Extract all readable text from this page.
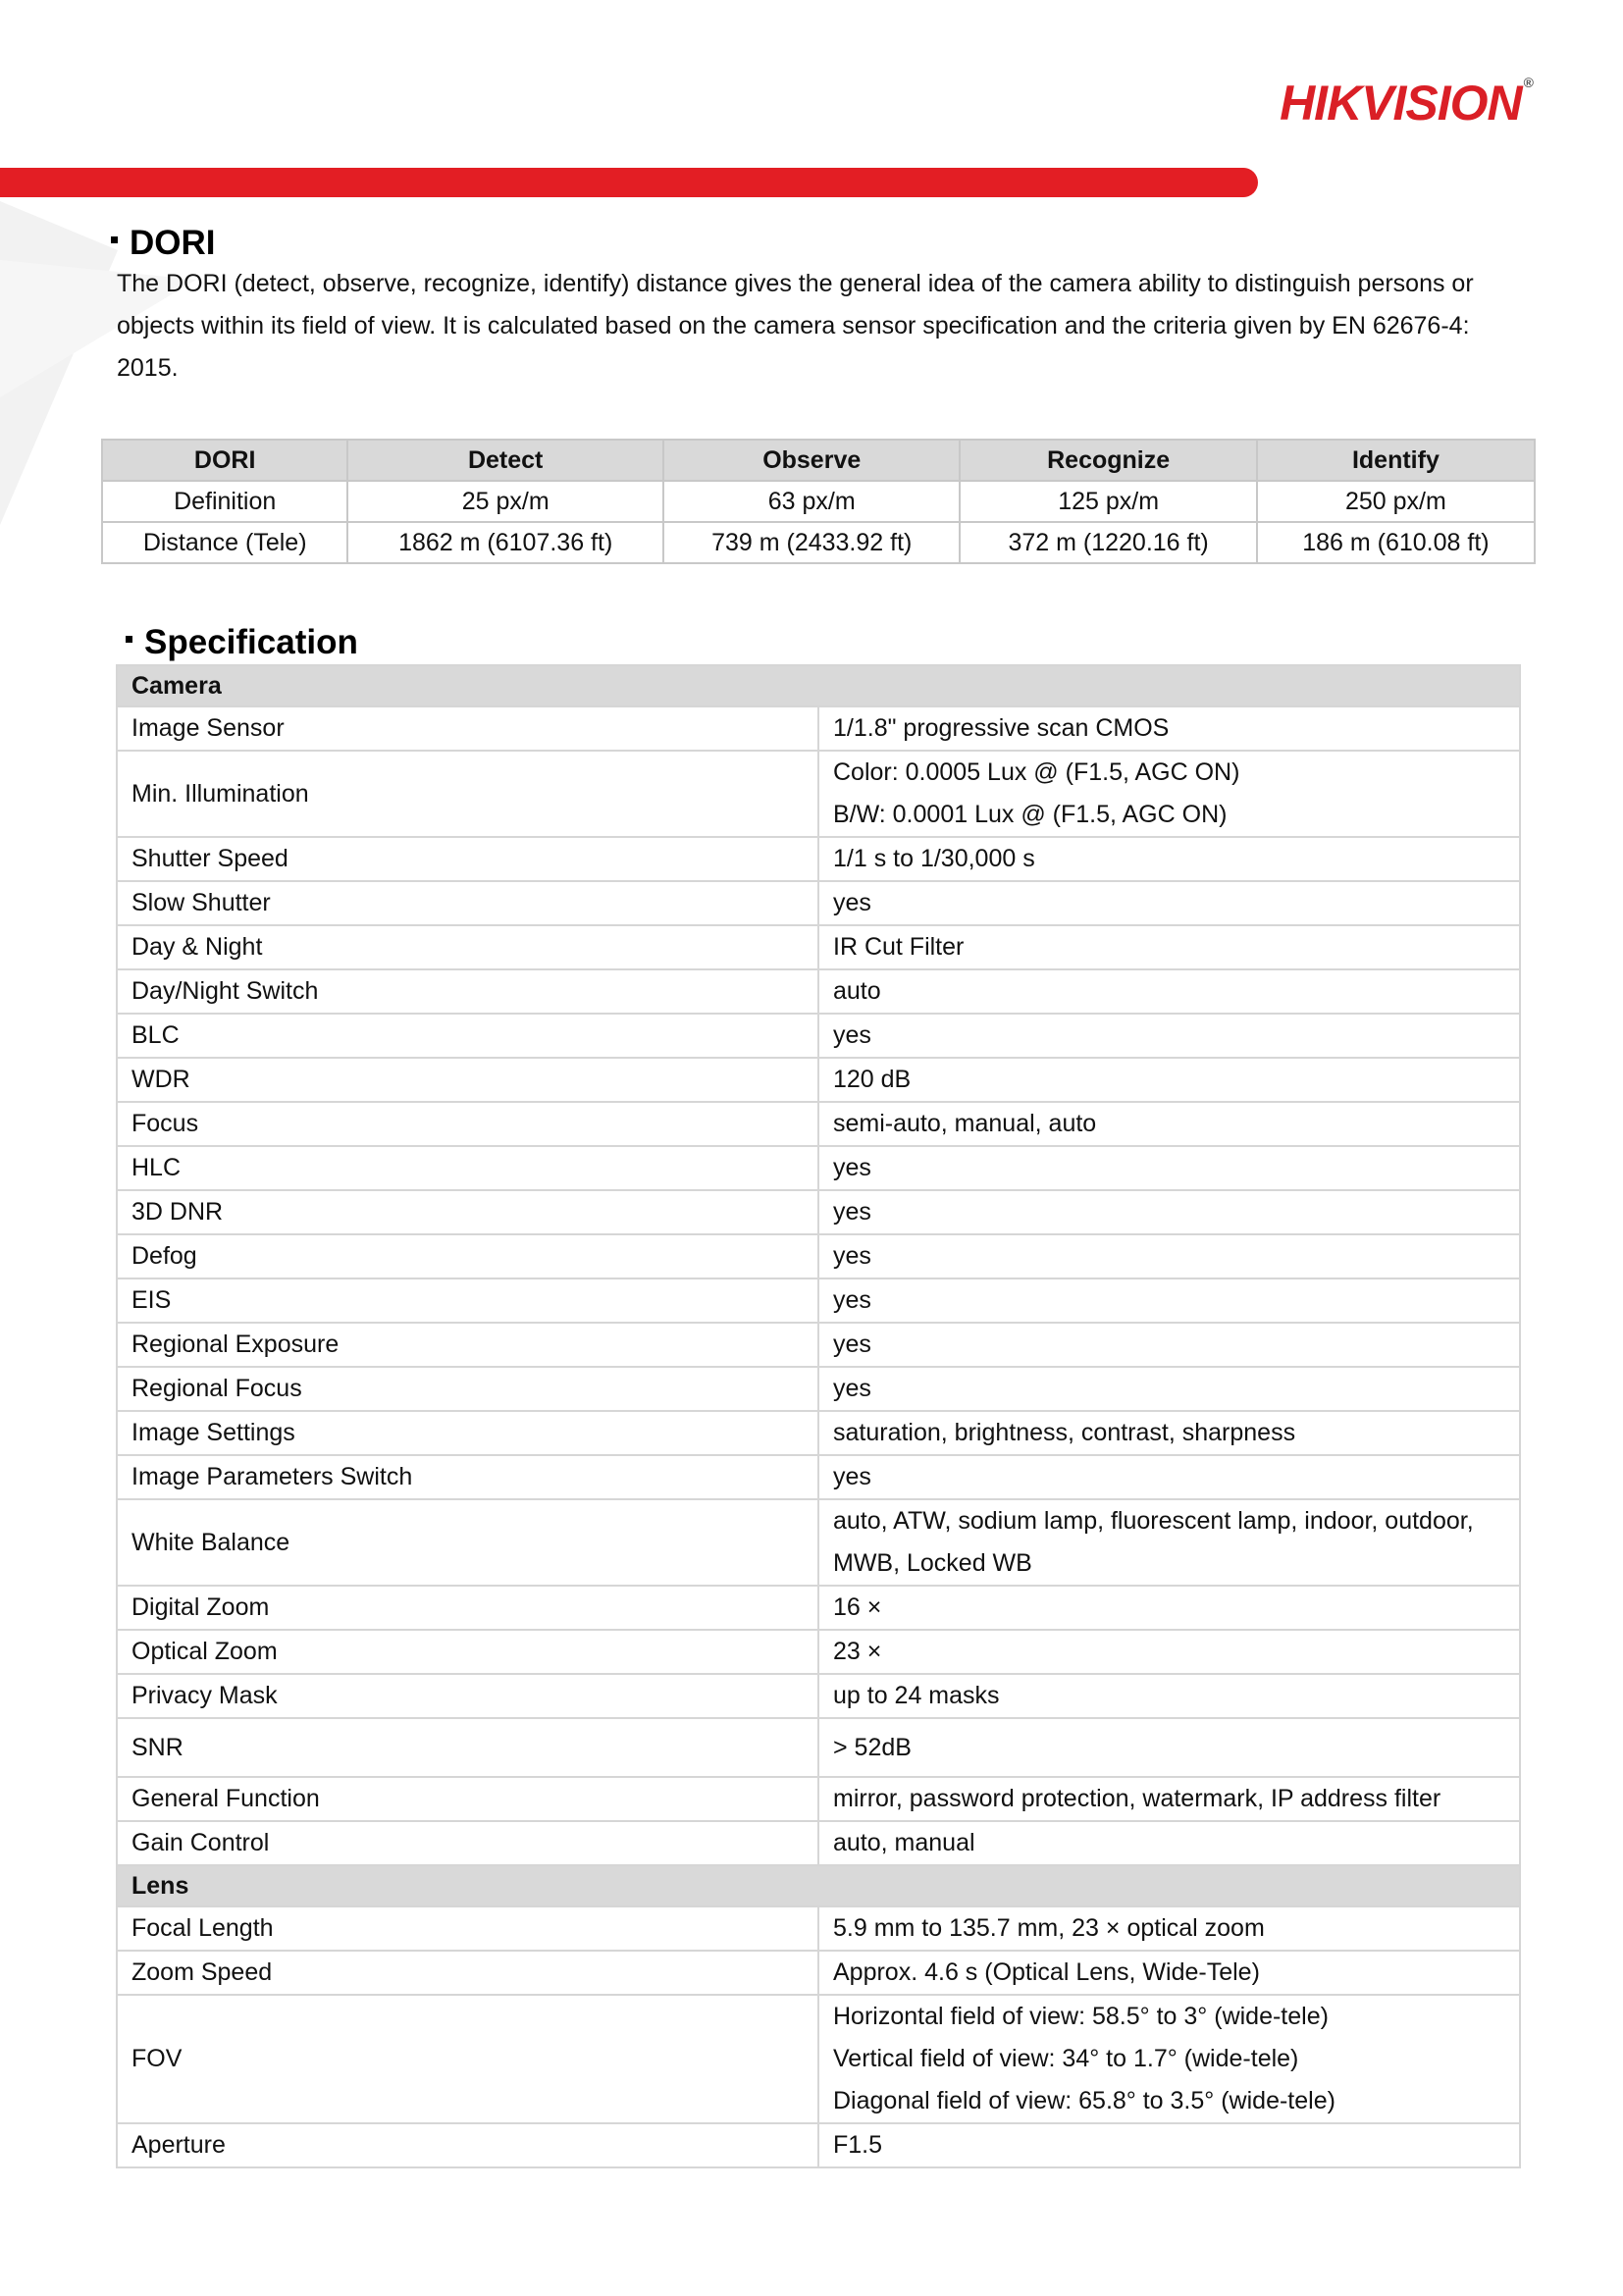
HIKVISION ®
DORI
The DORI (detect, observe, recognize, identify) distance gives the general idea of the camera ability to distinguish persons or objects within its field of view. It is calculated based on the camera sensor specification and the criteria given by EN 62676-4: 2015.
DORI	Detect	Observe	Recognize	Identify
Definition	25 px/m	63 px/m	125 px/m	250 px/m
Distance (Tele)	1862 m (6107.36 ft)	739 m (2433.92 ft)	372 m (1220.16 ft)	186 m (610.08 ft)
Specification
Camera	
Image Sensor	1/1.8" progressive scan CMOS

Min. Illumination	Color: 0.0005 Lux @ (F1.5, AGC ON)
B/W: 0.0001 Lux @ (F1.5, AGC ON)

Shutter Speed	1/1 s to 1/30,000 s

Slow Shutter	yes

Day & Night	IR Cut Filter

Day/Night Switch	auto

BLC	yes

WDR	120 dB

Focus	semi-auto, manual, auto

HLC	yes

3D DNR	yes

Defog	yes

EIS	yes

Regional Exposure	yes

Regional Focus	yes

Image Settings	saturation, brightness, contrast, sharpness

Image Parameters Switch	yes

White Balance	auto, ATW, sodium lamp, fluorescent lamp, indoor, outdoor, MWB, Locked WB

Digital Zoom	16 ×

Optical Zoom	23 ×

Privacy Mask	up to 24 masks

SNR	> 52dB

General Function	mirror, password protection, watermark, IP address filter

Gain Control	auto, manual

Lens	
Focal Length	5.9 mm to 135.7 mm, 23 × optical zoom

Zoom Speed	Approx. 4.6 s (Optical Lens, Wide-Tele)

FOV	Horizontal field of view: 58.5° to 3° (wide-tele)
Vertical field of view: 34° to 1.7° (wide-tele)
Diagonal field of view: 65.8° to 3.5° (wide-tele)

Aperture	F1.5
